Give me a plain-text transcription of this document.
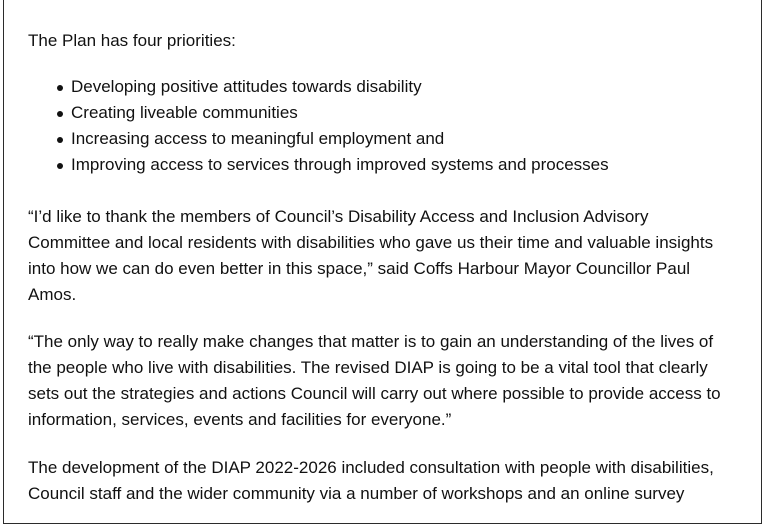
The Plan has four priorities:
Developing positive attitudes towards disability
Creating liveable communities
Increasing access to meaningful employment and
Improving access to services through improved systems and processes
“I’d like to thank the members of Council’s Disability Access and Inclusion Advisory
Committee and local residents with disabilities who gave us their time and valuable insights
into how we can do even better in this space,” said Coffs Harbour Mayor Councillor Paul
Amos.
“The only way to really make changes that matter is to gain an understanding of the lives of
the people who live with disabilities. The revised DIAP is going to be a vital tool that clearly
sets out the strategies and actions Council will carry out where possible to provide access to
information, services, events and facilities for everyone.”
The development of the DIAP 2022-2026 included consultation with people with disabilities,
Council staff and the wider community via a number of workshops and an online survey
